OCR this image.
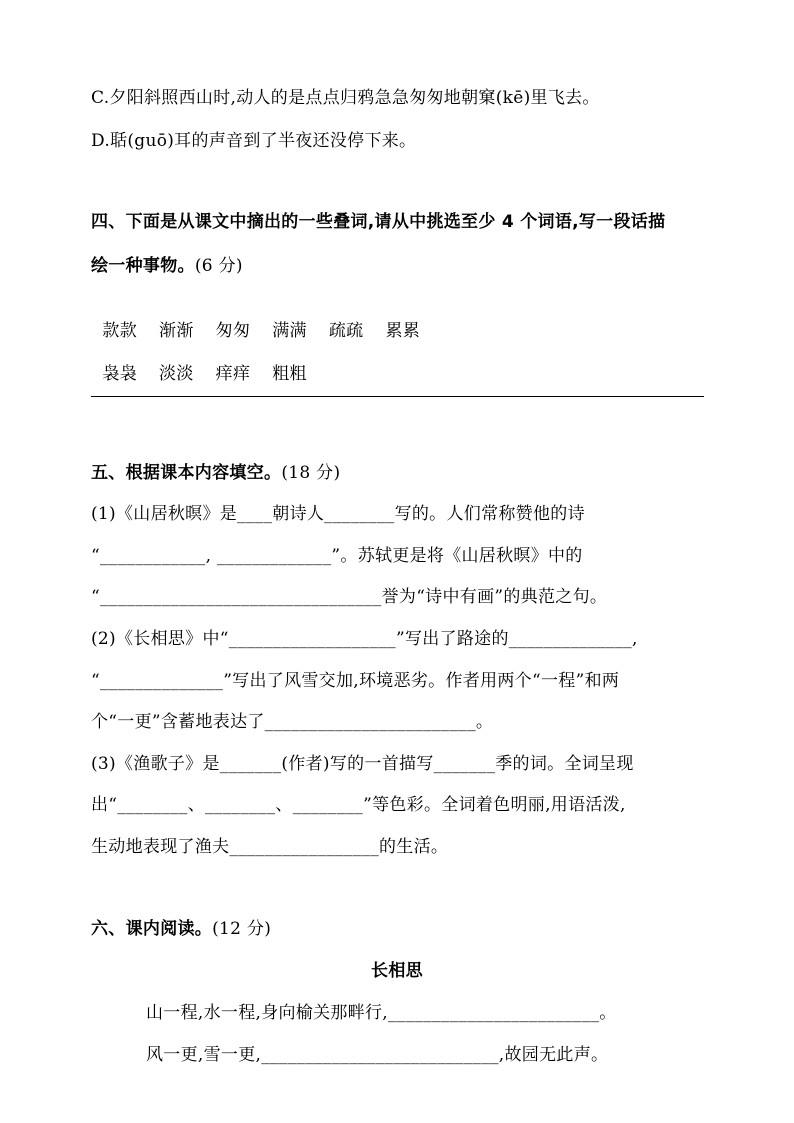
C.夕阳斜照西山时,动人的是点点归鸦急急匆匆地朝窠(kē)里飞去。
D.聒(guō)耳的声音到了半夜还没停下来。
四、下面是从课文中摘出的一些叠词,请从中挑选至少 4 个词语,写一段话描
绘一种事物。(6 分)

款款 渐渐 匆匆 满满 疏疏 累累

袅袅 淡淡 痒痒 粗粗

五、根据课本内容填空。(18 分)
(1)《山居秋暝》是____朝诗人________写的。人们常称赞他的诗
“____________, _____________”。苏轼更是将《山居秋暝》中的
“________________________________誉为“诗中有画”的典范之句。
(2)《长相思》中“___________________”写出了路途的______________,
“______________”写出了风雪交加,环境恶劣。作者用两个“一程”和两
个“一更”含蓄地表达了________________________。
(3)《渔歌子》是_______(作者)写的一首描写_______季的词。全词呈现
出“________、________、________”等色彩。全词着色明丽,用语活泼,
生动地表现了渔夫_________________的生活。
六、课内阅读。(12 分)
长相思
山一程,水一程,身向榆关那畔行,________________________。
风一更,雪一更,___________________________,故园无此声。
